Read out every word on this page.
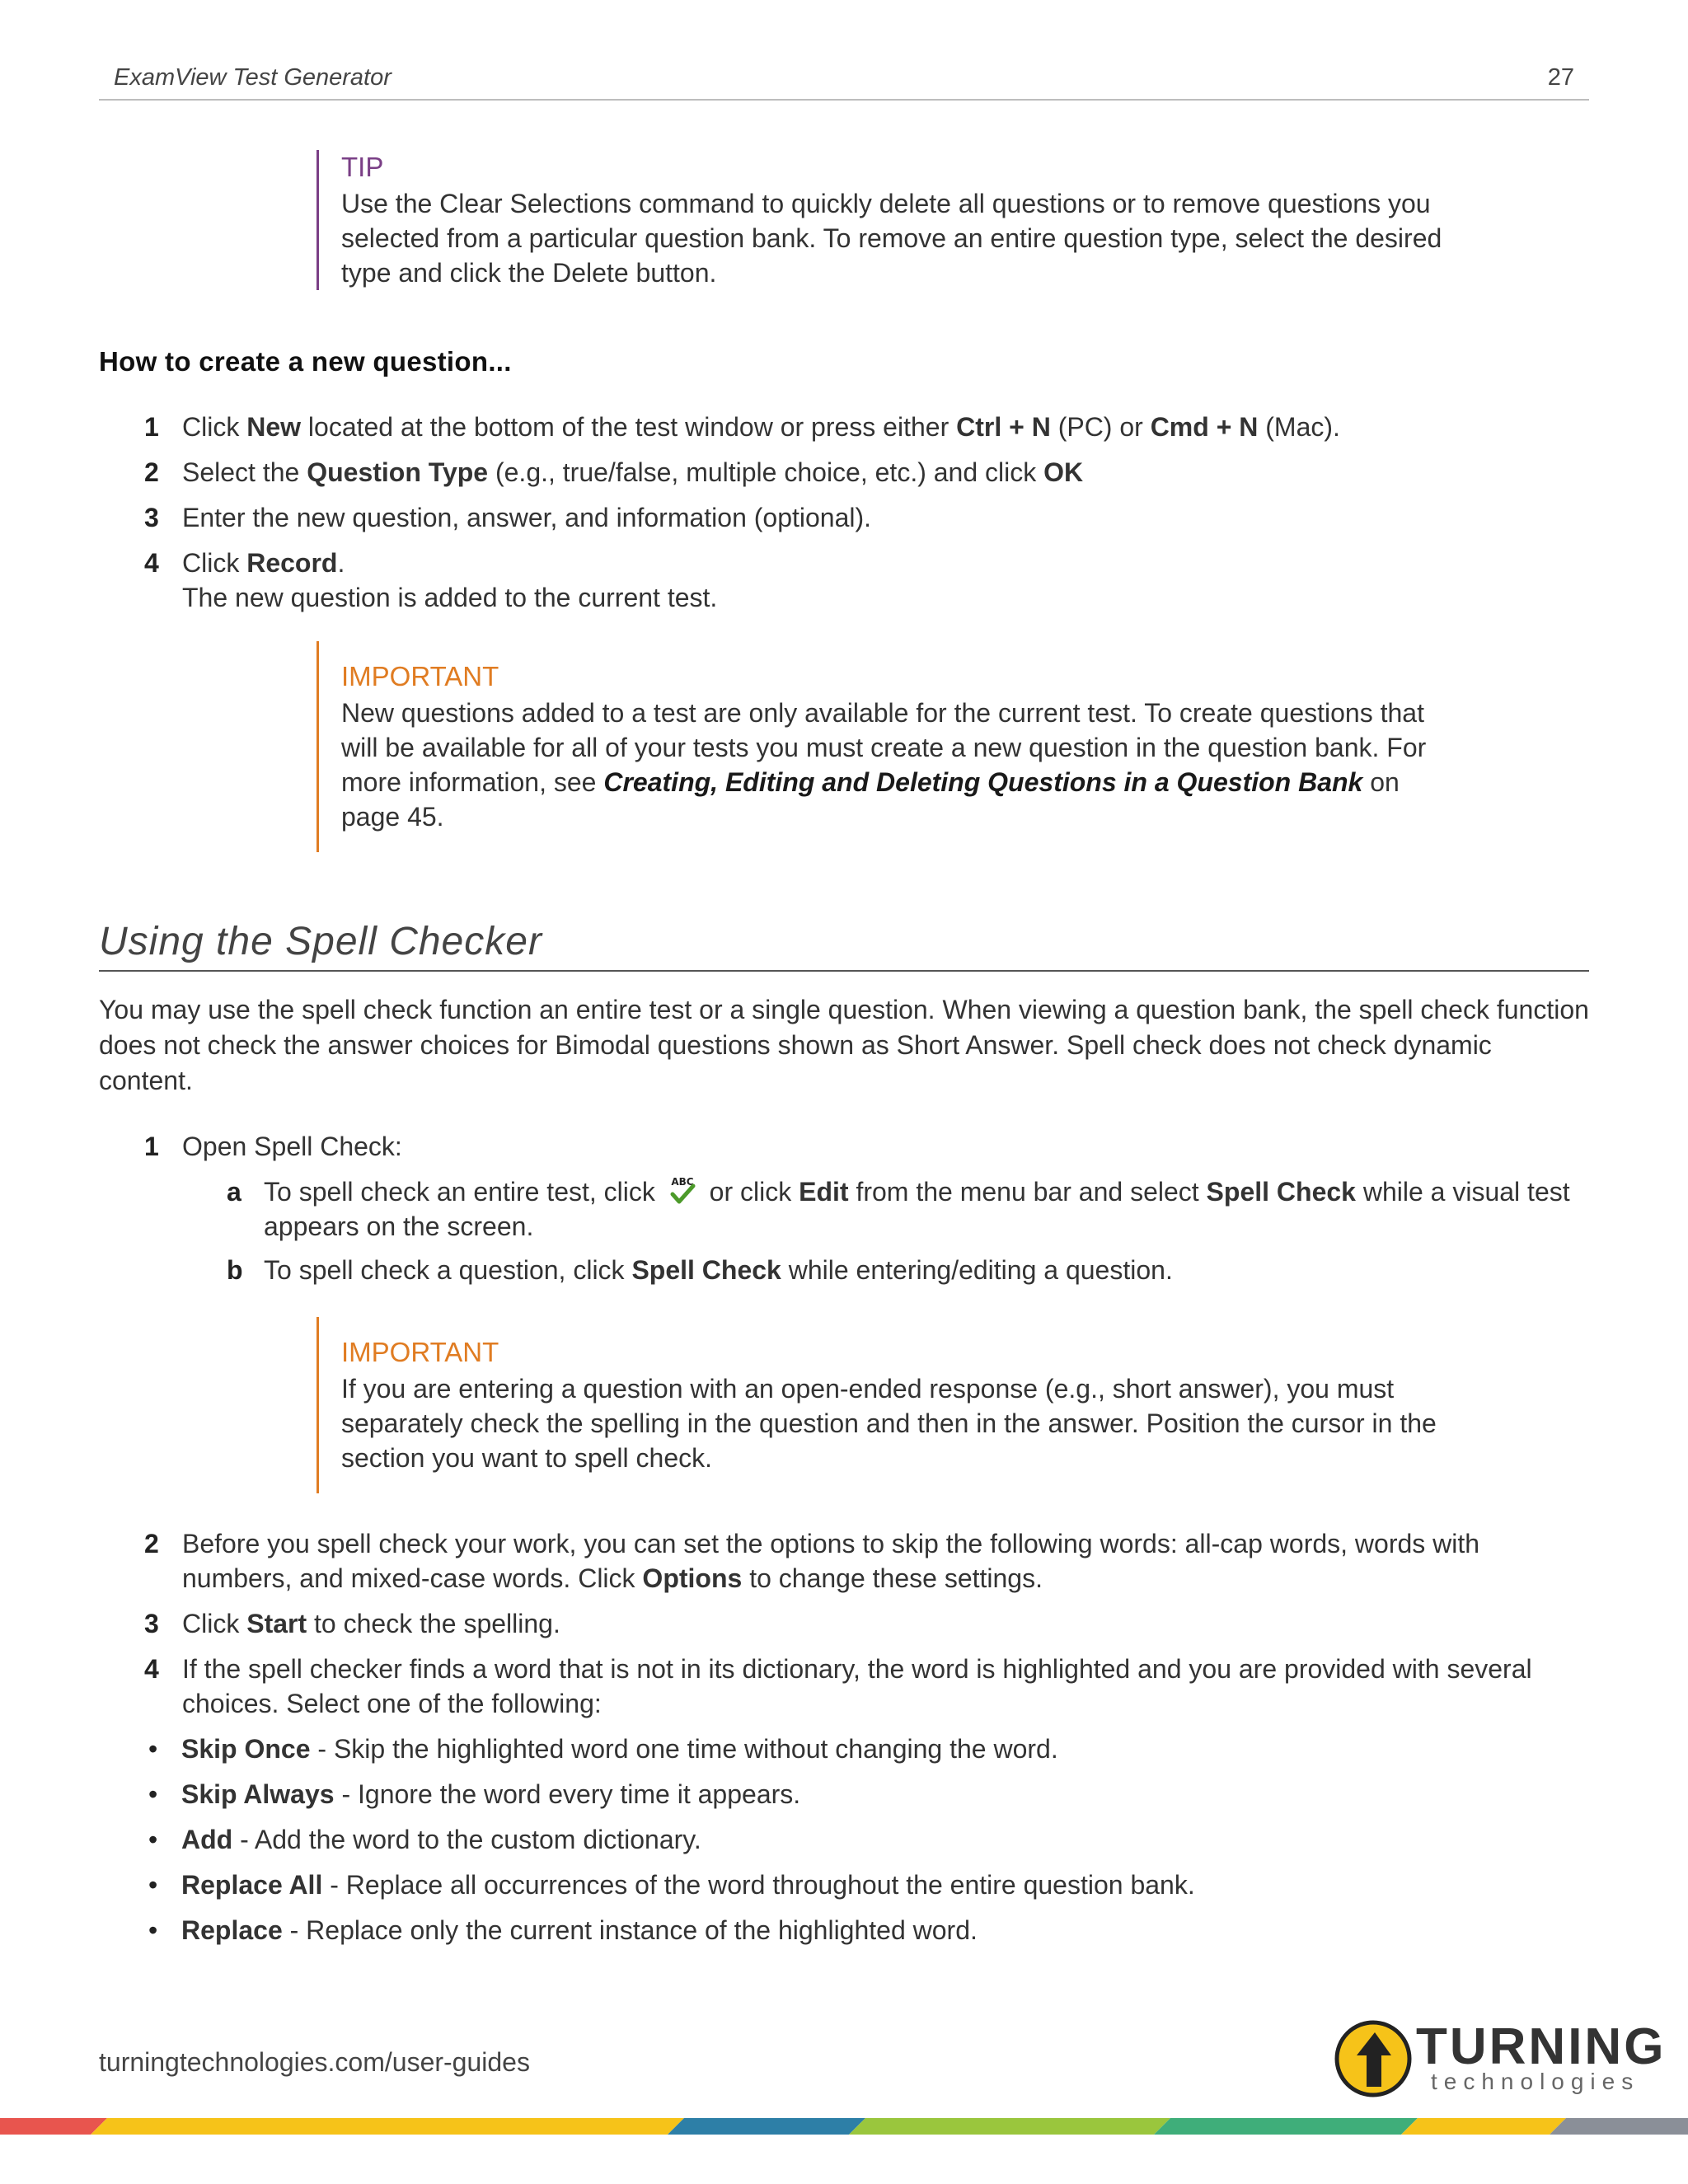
ExamView Test Generator	27
TIP

Use the Clear Selections command to quickly delete all questions or to remove questions you selected from a particular question bank. To remove an entire question type, select the desired type and click the Delete button.

How to create a new question...
1 Click New located at the bottom of the test window or press either Ctrl + N (PC) or Cmd + N (Mac).

2 Select the Question Type (e.g., true/false, multiple choice, etc.) and click OK

3 Enter the new question, answer, and information (optional).

4 Click Record.

The new question is added to the current test.

IMPORTANT

New questions added to a test are only available for the current test. To create questions that will be available for all of your tests you must create a new question in the question bank. For more information, see Creating, Editing and Deleting Questions in a Question Bank on page 45.

Using the Spell Checker

You may use the spell check function an entire test or a single question. When viewing a question bank, the spell check function does not check the answer choices for Bimodal questions shown as Short Answer. Spell check does not check dynamic content.

1 Open Spell Check:

a To spell check an entire test, click ABC or click Edit from the menu bar and select Spell Check while a visual test appears on the screen.

b To spell check a question, click Spell Check while entering/editing a question.

IMPORTANT

If you are entering a question with an open-ended response (e.g., short answer), you must separately check the spelling in the question and then in the answer. Position the cursor in the section you want to spell check.

2 Before you spell check your work, you can set the options to skip the following words: all-cap words, words with numbers, and mixed-case words. Click Options to change these settings.

3 Click Start to check the spelling.

4 If the spell checker finds a word that is not in its dictionary, the word is highlighted and you are provided with several choices. Select one of the following:

• Skip Once - Skip the highlighted word one time without changing the word.
• Skip Always - Ignore the word every time it appears.
• Add - Add the word to the custom dictionary.
• Replace All - Replace all occurrences of the word throughout the entire question bank.
• Replace - Replace only the current instance of the highlighted word.
turningtechnologies.com/user-guides	TURNING
technologies
